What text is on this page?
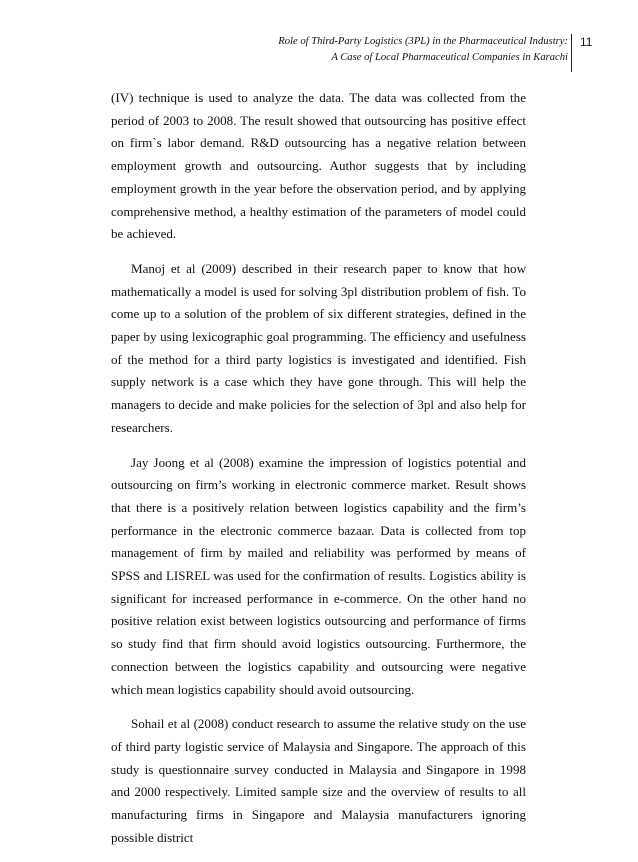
Role of Third-Party Logistics (3PL) in the Pharmaceutical Industry:
A Case of Local Pharmaceutical Companies in Karachi
11

(IV) technique is used to analyze the data. The data was collected from the period of 2003 to 2008. The result showed that outsourcing has positive effect on firm`s labor demand. R&D outsourcing has a negative relation between employment growth and outsourcing. Author suggests that by including employment growth in the year before the observation period, and by applying comprehensive method, a healthy estimation of the parameters of model could be achieved.

Manoj et al (2009) described in their research paper to know that how mathematically a model is used for solving 3pl distribution problem of fish. To come up to a solution of the problem of six different strategies, defined in the paper by using lexicographic goal programming. The efficiency and usefulness of the method for a third party logistics is investigated and identified. Fish supply network is a case which they have gone through. This will help the managers to decide and make policies for the selection of 3pl and also help for researchers.

Jay Joong et al (2008) examine the impression of logistics potential and outsourcing on firm’s working in electronic commerce market. Result shows that there is a positively relation between logistics capability and the firm’s performance in the electronic commerce bazaar. Data is collected from top management of firm by mailed and reliability was performed by means of SPSS and LISREL was used for the confirmation of results. Logistics ability is significant for increased performance in e-commerce. On the other hand no positive relation exist between logistics outsourcing and performance of firms so study find that firm should avoid logistics outsourcing. Furthermore, the connection between the logistics capability and outsourcing were negative which mean logistics capability should avoid outsourcing.

Sohail et al (2008) conduct research to assume the relative study on the use of third party logistic service of Malaysia and Singapore. The approach of this study is questionnaire survey conducted in Malaysia and Singapore in 1998 and 2000 respectively. Limited sample size and the overview of results to all manufacturing firms in Singapore and Malaysia manufacturers ignoring possible district
